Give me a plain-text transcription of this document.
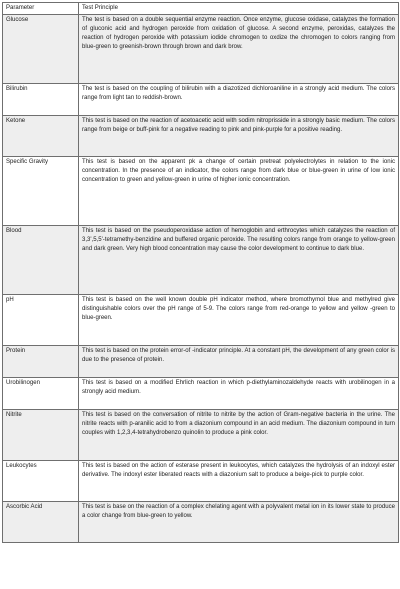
Parameter	Test Principle
Glucose	The test is based on a double sequential enzyme reaction. Once enzyme, glucose oxidase, catalyzes the formation of gluconic acid and hydrogen peroxide from oxidation of glucose. A second enzyme, peroxidas, catalyzes the reaction of hydrogen peroxide with potassium iodide chromogen to oxdize the chromogen to colors ranging from blue-green to greenish-brown through brown and dark brow.
Bilirubin	The test is based on the coupling of bilirubin with a diazotized dichloroaniline in a strongly acid medium. The colors range from light tan to reddish-brown.
Ketone	This test is based on the reaction of acetoacetic acid with sodim nitroprisside in a strongly basic medium. The colors range from beige or buff-pink for a negative reading to pink and pink-purple for a positive reading.
Specific Gravity	This test is based on the apparent pk a change of certain pretreat polyelectrolytes in relation to the ionic concentration. In the presence of an indicator, the colors range from dark blue or blue-green in urine of low ionic concentration to green and yellow-green in urine of higher ionic concentration.
Blood	This test is based on the pseudoperoxidase action of hemoglobin and erthrocytes which catalyzes the reaction of 3,3',5,5'-tetramethy-benzidine and buffered organic peroxide. The resulting colors range from orange to yellow-green and dark green. Very high blood concentration may cause the color development to continue to dark blue.
pH	This test is based on the well known double pH indicator method, where bromothymol blue and methylred give distinguishable colors over the pH range of 5-9. The colors range from red-orange to yellow and yellow -green to blue-green.
Protein	This test is based on the protein error-of -indicator principle. At a constant pH, the development of any green color is due to the presence of protein.
Urobilinogen	This test is based on a modified Ehrlich reaction in which p-diethylaminozaldehyde reacts with urobilinogen in a strongly acid medium.
Nitrite	This test is based on the conversation of nitrite to nitrite by the action of Gram-negative bacteria in the urine. The nitrite reacts with p-aranilic acid to from a diazonium compound in an acid medium. The diazonium compound in turn couples with 1,2,3,4-tetrahydrobenzo quinolin to produce a pink color.
Leukocytes	This test is based on the action of esterase present in leukocytes, which catalyzes the hydrolysis of an indoxyl ester derivative. The indoxyl ester liberated reacts with a diazonium salt to produce a beige-pick to purple color.
Ascorbic Acid	This test is base on the reaction of a complex chelating agent with a polyvalent metal ion in its lower state to produce a color change from blue-green to yellow.
